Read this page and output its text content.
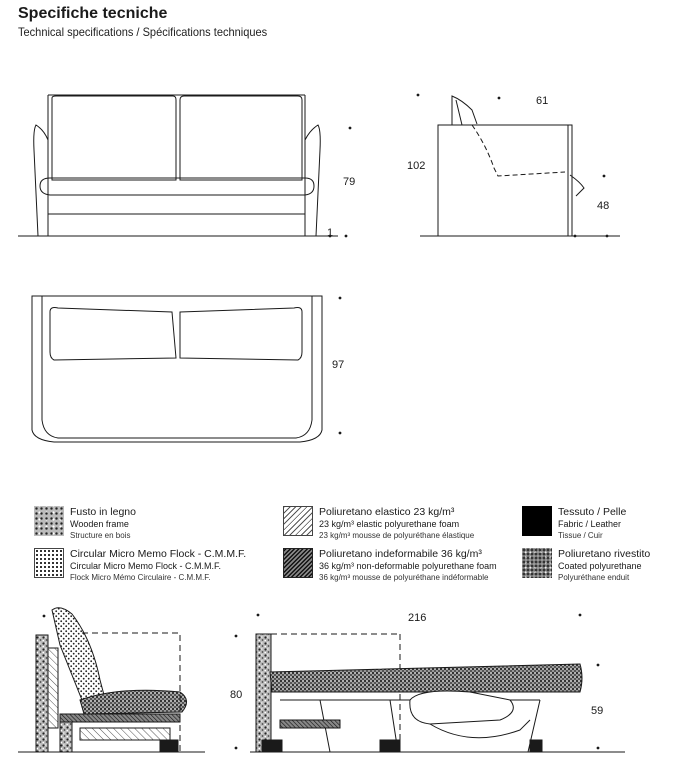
Specifiche tecniche
Technical specifications / Spécifications techniques
79
1
61
102
48
97
80
216
59
Fusto in legno
Wooden frame
Structure en bois
Poliuretano elastico 23 kg/m³
23 kg/m³ elastic polyurethane foam
23 kg/m³ mousse de polyuréthane élastique
Tessuto / Pelle
Fabric / Leather
Tissue / Cuir
Circular Micro Memo Flock - C.M.M.F.
Circular Micro Memo Flock - C.M.M.F.
Flock Micro Mémo Circulaire - C.M.M.F.
Poliuretano indeformabile 36 kg/m³
36 kg/m³ non-deformable polyurethane foam
36 kg/m³ mousse de polyuréthane indéformable
Poliuretano rivestito
Coated polyurethane
Polyuréthane enduit
